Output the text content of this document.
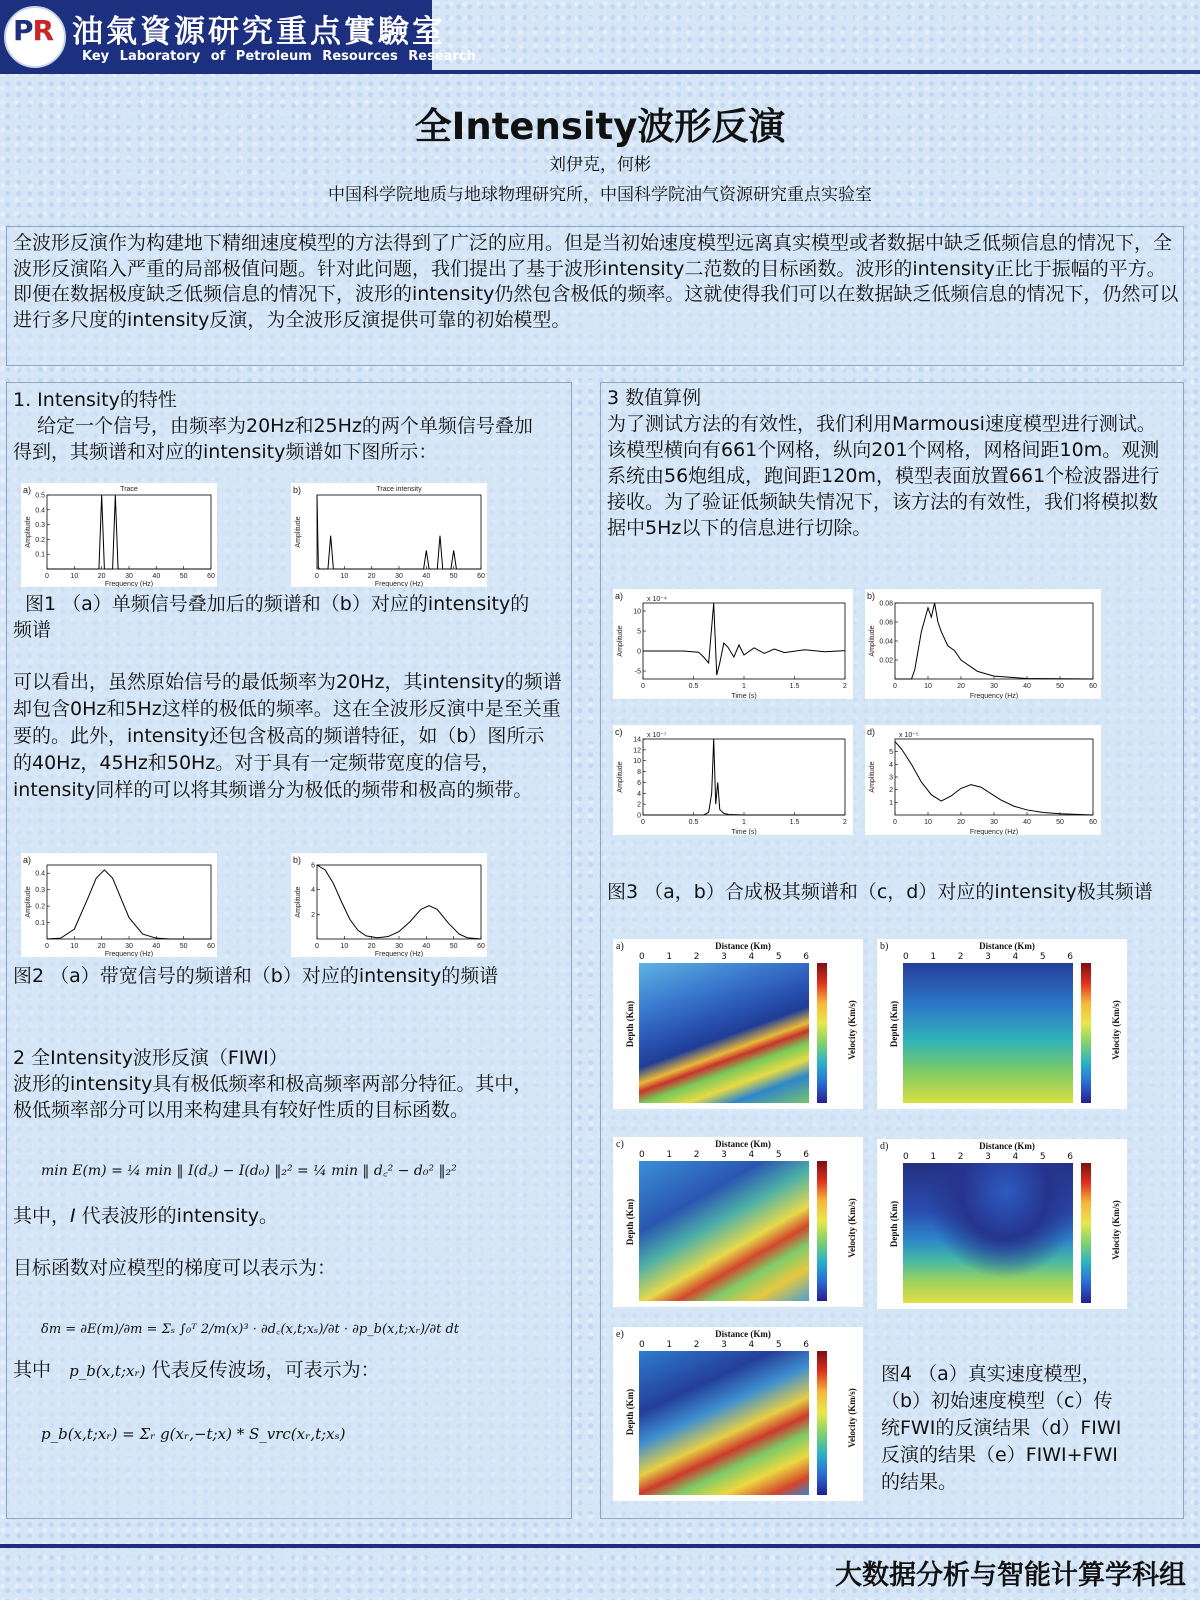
PR 油氣資源研究重点實驗室
Key Laboratory of Petroleum Resources Research
全Intensity波形反演
刘伊克，何彬
中国科学院地质与地球物理研究所，中国科学院油气资源研究重点实验室

全波形反演作为构建地下精细速度模型的方法得到了广泛的应用。但是当初始速度模型远离真实模型或者数据中缺乏低频信息的情况下，全波形反演陷入严重的局部极值问题。针对此问题，我们提出了基于波形intensity二范数的目标函数。波形的intensity正比于振幅的平方。即便在数据极度缺乏低频信息的情况下，波形的intensity仍然包含极低的频率。这就使得我们可以在数据缺乏低频信息的情况下，仍然可以进行多尺度的intensity反演，为全波形反演提供可靠的初始模型。

1. Intensity的特性

给定一个信号，由频率为20Hz和25Hz的两个单频信号叠加得到，其频谱和对应的intensity频谱如下图所示：

a)	Trace
0	10	20	30	40	50	60
0.1
0.2
0.3
0.4
0.5
Frequency (Hz)
Amplitude
b)	Trace intensity
0	10	20	30	40	50	60
Frequency (Hz)
Amplitude

图1 （a）单频信号叠加后的频谱和（b）对应的intensity的频谱

可以看出，虽然原始信号的最低频率为20Hz，其intensity的频谱却包含0Hz和5Hz这样的极低的频率。这在全波形反演中是至关重要的。此外，intensity还包含极高的频谱特征，如（b）图所示的40Hz，45Hz和50Hz。对于具有一定频带宽度的信号，intensity同样的可以将其频谱分为极低的频带和极高的频带。

a)
0	10	20	30	40	50	60
0.1
0.2
0.3
0.4
Frequency (Hz)
Amplitude
b)
0	10	20	30	40	50	60
2
4
6
Frequency (Hz)
Amplitude

图2 （a）带宽信号的频谱和（b）对应的intensity的频谱

2 全Intensity波形反演（FIWI）

波形的intensity具有极低频率和极高频率两部分特征。其中，极低频率部分可以用来构建具有较好性质的目标函数。

min E(m) = ¼ min ‖ I(d꜀) − I(d₀) ‖₂² = ¼ min ‖ d꜀² − d₀² ‖₂²

其中，I 代表波形的intensity。

目标函数对应模型的梯度可以表示为：

δm = ∂E(m)/∂m = Σₛ ∫₀ᵀ 2/m(x)³ · ∂d꜀(x,t;xₛ)/∂t · ∂p_b(x,t;xᵣ)/∂t dt

其中 p_b(x,t;xᵣ) 代表反传波场，可表示为：

p_b(x,t;xᵣ) = Σᵣ g(xᵣ,−t;x) * S_vrc(xᵣ,t;xₛ)

3 数值算例

为了测试方法的有效性，我们利用Marmousi速度模型进行测试。该模型横向有661个网格，纵向201个网格，网格间距10m。观测系统由56炮组成，跑间距120m，模型表面放置661个检波器进行接收。为了验证低频缺失情况下，该方法的有效性，我们将模拟数据中5Hz以下的信息进行切除。

a)	x 10⁻⁴
0	0.5	1	1.5	2
-5
0
5
10
Time (s)
Amplitude
b)
0	10	20	30	40	50	60
0.02
0.04
0.06
0.08
Frequency (Hz)
Amplitude
c)	x 10⁻⁷
0	0.5	1	1.5	2
0
2
4
6
8
10
12
14
Time (s)
Amplitude
d)	x 10⁻⁵
0	10	20	30	40	50	60
1
2
3
4
5
Frequency (Hz)
Amplitude

图3 （a，b）合成极其频谱和（c，d）对应的intensity极其频谱

a)	Distance (Km)
0 1 2 3 4 5 6
Depth (Km)	Velocity (Km/s)
b)	Distance (Km)
0 1 2 3 4 5 6
Depth (Km)	Velocity (Km/s)
c)	Distance (Km)
0 1 2 3 4 5 6
Depth (Km)	Velocity (Km/s)
d)	Distance (Km)
0 1 2 3 4 5 6
Depth (Km)	Velocity (Km/s)
e)	Distance (Km)
0 1 2 3 4 5 6
Depth (Km)	Velocity (Km/s)

图4 （a）真实速度模型，（b）初始速度模型（c）传统FWI的反演结果（d）FIWI反演的结果（e）FIWI+FWI的结果。

大数据分析与智能计算学科组
